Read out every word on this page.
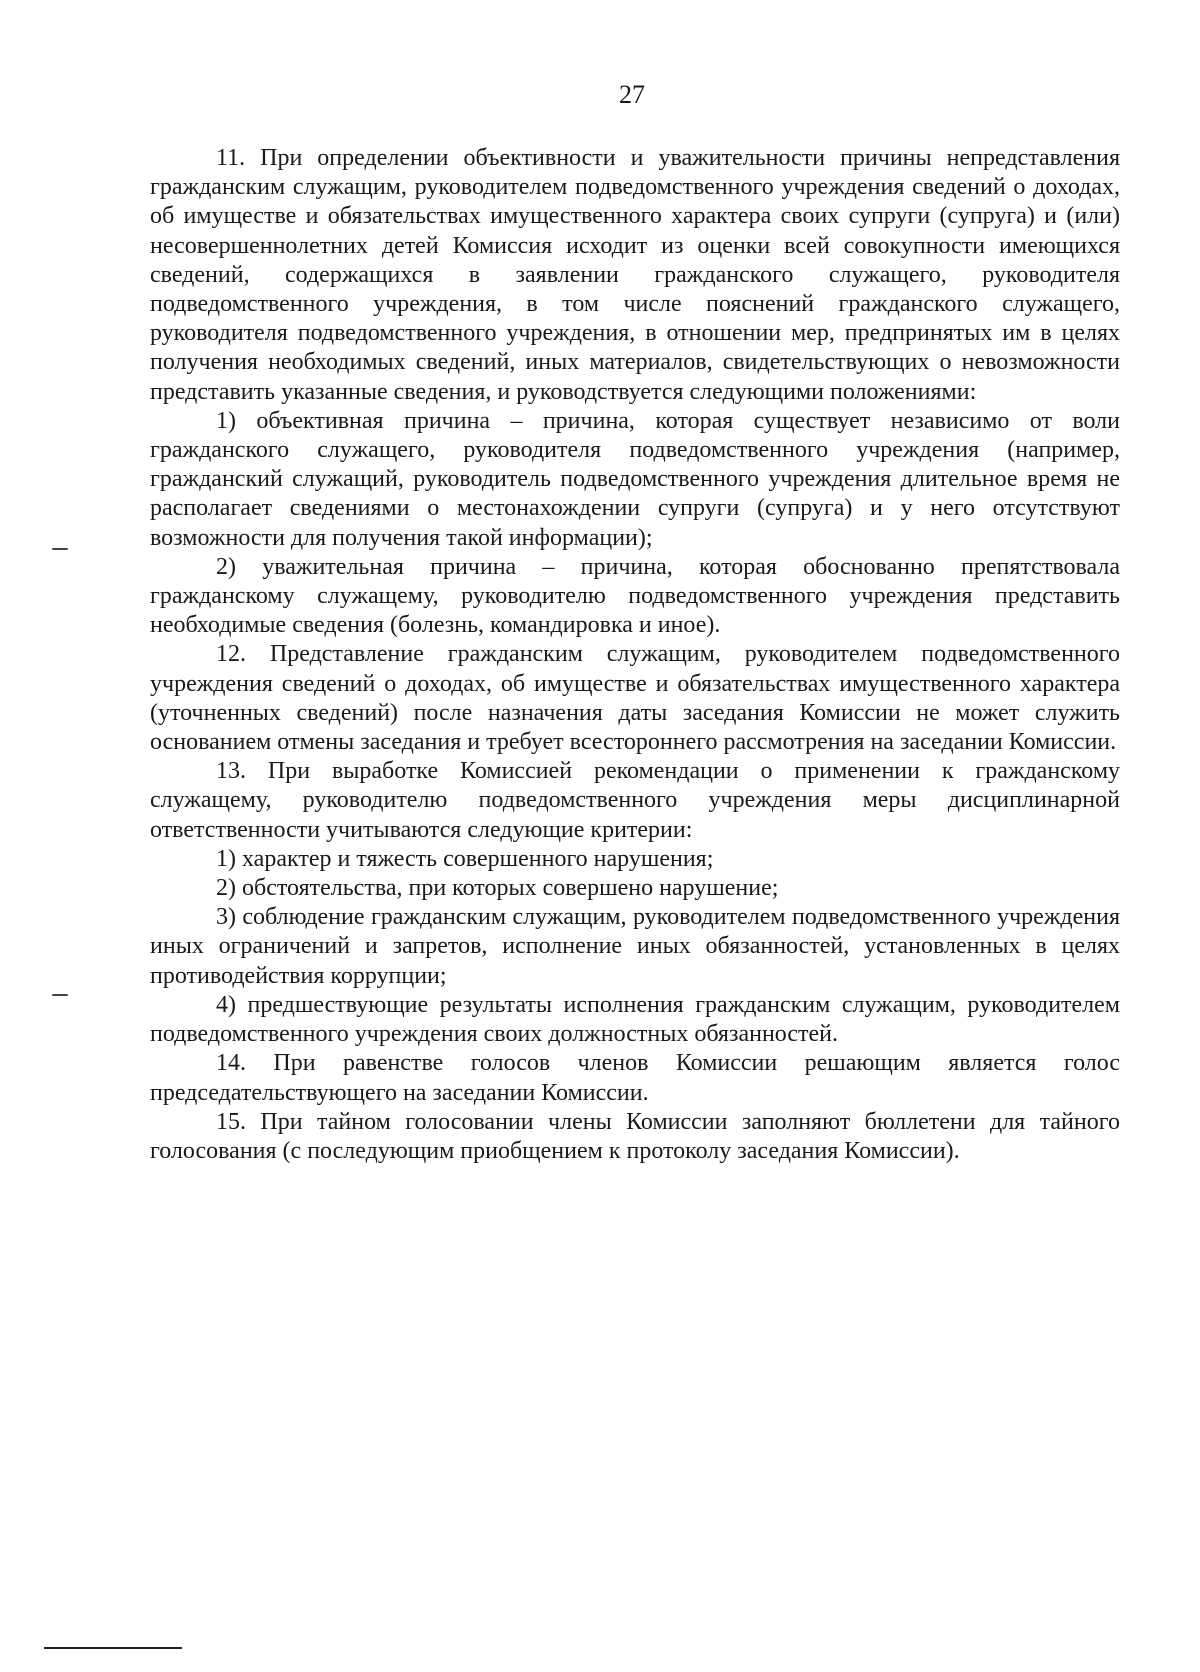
27

11. При определении объективности и уважительности причины непредставления гражданским служащим, руководителем подведомственного учреждения сведений о доходах, об имуществе и обязательствах имущественного характера своих супруги (супруга) и (или) несовершеннолетних детей Комиссия исходит из оценки всей совокупности имеющихся сведений, содержащихся в заявлении гражданского служащего, руководителя подведомственного учреждения, в том числе пояснений гражданского служащего, руководителя подведомственного учреждения, в отношении мер, предпринятых им в целях получения необходимых сведений, иных материалов, свидетельствующих о невозможности представить указанные сведения, и руководствуется следующими положениями:

1) объективная причина – причина, которая существует независимо от воли гражданского служащего, руководителя подведомственного учреждения (например, гражданский служащий, руководитель подведомственного учреждения длительное время не располагает сведениями о местонахождении супруги (супруга) и у него отсутствуют возможности для получения такой информации);

2) уважительная причина – причина, которая обоснованно препятствовала гражданскому служащему, руководителю подведомственного учреждения представить необходимые сведения (болезнь, командировка и иное).

12. Представление гражданским служащим, руководителем подведомственного учреждения сведений о доходах, об имуществе и обязательствах имущественного характера (уточненных сведений) после назначения даты заседания Комиссии не может служить основанием отмены заседания и требует всестороннего рассмотрения на заседании Комиссии.

13. При выработке Комиссией рекомендации о применении к гражданскому служащему, руководителю подведомственного учреждения меры дисциплинарной ответственности учитываются следующие критерии:

1) характер и тяжесть совершенного нарушения;

2) обстоятельства, при которых совершено нарушение;

3) соблюдение гражданским служащим, руководителем подведомственного учреждения иных ограничений и запретов, исполнение иных обязанностей, установленных в целях противодействия коррупции;

4) предшествующие результаты исполнения гражданским служащим, руководителем подведомственного учреждения своих должностных обязанностей.

14. При равенстве голосов членов Комиссии решающим является голос председательствующего на заседании Комиссии.

15. При тайном голосовании члены Комиссии заполняют бюллетени для тайного голосования (с последующим приобщением к протоколу заседания Комиссии).
